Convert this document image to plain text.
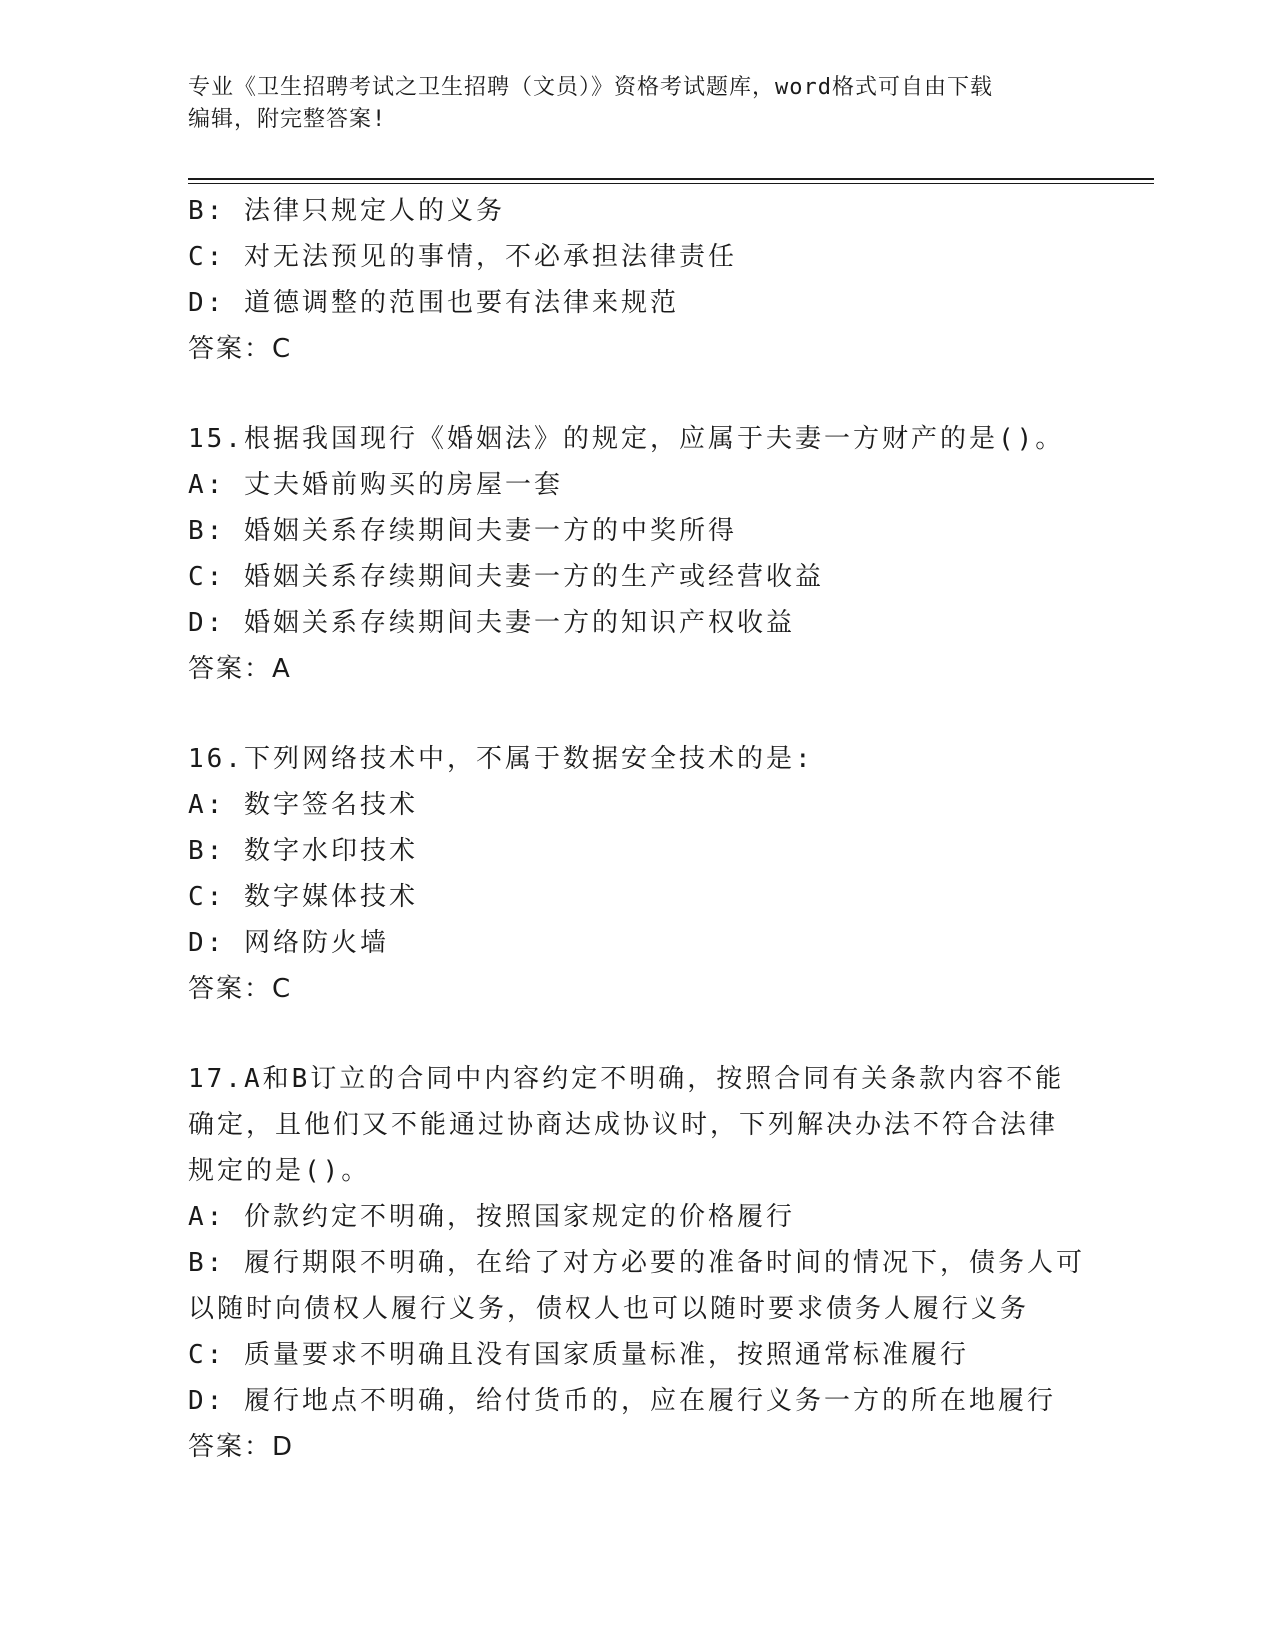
专业《卫生招聘考试之卫生招聘（文员）》资格考试题库，word格式可自由下载
编辑，附完整答案!
B: 法律只规定人的义务
C: 对无法预见的事情，不必承担法律责任
D: 道德调整的范围也要有法律来规范
答案：C
15.根据我国现行《婚姻法》的规定，应属于夫妻一方财产的是()。
A: 丈夫婚前购买的房屋一套
B: 婚姻关系存续期间夫妻一方的中奖所得
C: 婚姻关系存续期间夫妻一方的生产或经营收益
D: 婚姻关系存续期间夫妻一方的知识产权收益
答案：A
16.下列网络技术中，不属于数据安全技术的是:
A: 数字签名技术
B: 数字水印技术
C: 数字媒体技术
D: 网络防火墙
答案：C
17.A和B订立的合同中内容约定不明确，按照合同有关条款内容不能
确定，且他们又不能通过协商达成协议时，下列解决办法不符合法律
规定的是()。
A: 价款约定不明确，按照国家规定的价格履行
B: 履行期限不明确，在给了对方必要的准备时间的情况下，债务人可
以随时向债权人履行义务，债权人也可以随时要求债务人履行义务
C: 质量要求不明确且没有国家质量标准，按照通常标准履行
D: 履行地点不明确，给付货币的，应在履行义务一方的所在地履行
答案：D
